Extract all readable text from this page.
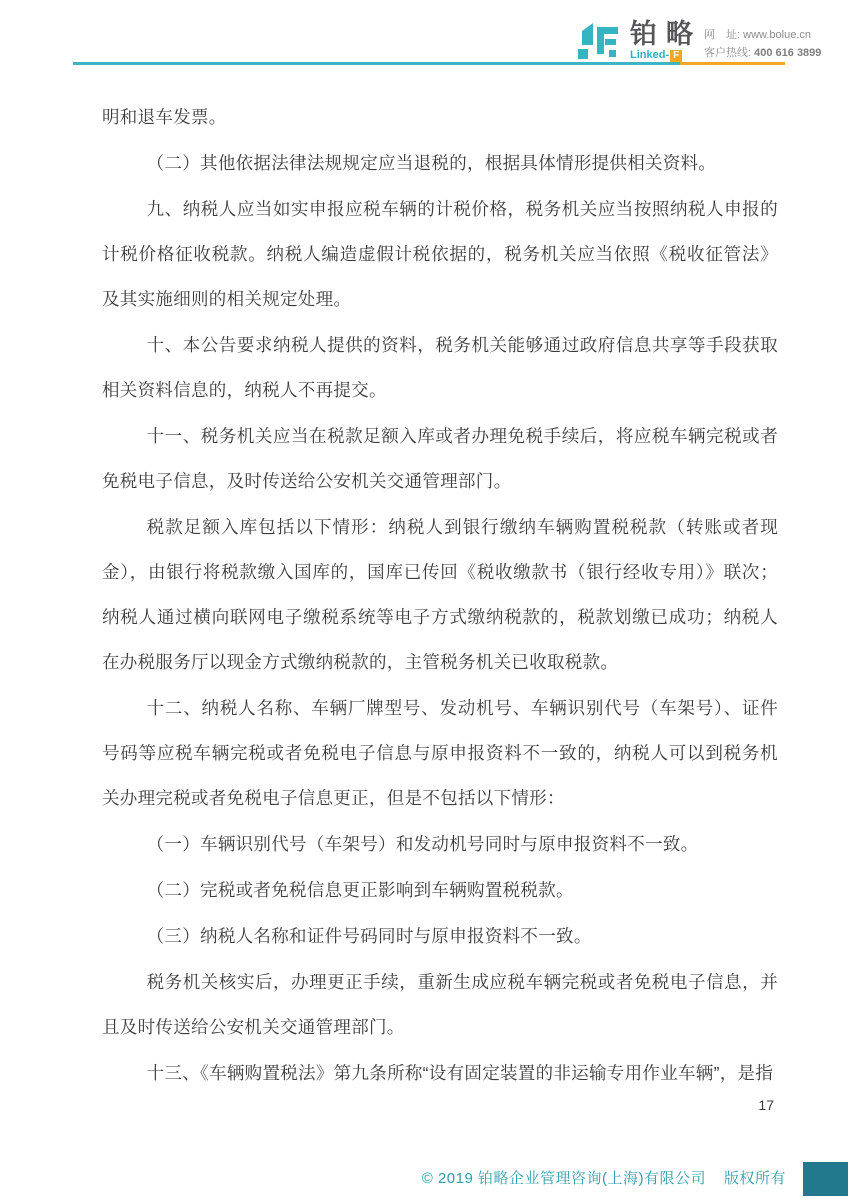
铂略
Linked- F
网　址: www.bolue.cn
客户热线: 400 616 3899

明和退车发票。

（二）其他依据法律法规规定应当退税的，根据具体情形提供相关资料。

九、纳税人应当如实申报应税车辆的计税价格，税务机关应当按照纳税人申报的计税价格征收税款。纳税人编造虚假计税依据的，税务机关应当依照《税收征管法》及其实施细则的相关规定处理。

十、本公告要求纳税人提供的资料，税务机关能够通过政府信息共享等手段获取相关资料信息的，纳税人不再提交。

十一、税务机关应当在税款足额入库或者办理免税手续后，将应税车辆完税或者免税电子信息，及时传送给公安机关交通管理部门。

税款足额入库包括以下情形：纳税人到银行缴纳车辆购置税税款（转账或者现金），由银行将税款缴入国库的，国库已传回《税收缴款书（银行经收专用）》联次；纳税人通过横向联网电子缴税系统等电子方式缴纳税款的，税款划缴已成功；纳税人在办税服务厅以现金方式缴纳税款的，主管税务机关已收取税款。

十二、纳税人名称、车辆厂牌型号、发动机号、车辆识别代号（车架号）、证件号码等应税车辆完税或者免税电子信息与原申报资料不一致的，纳税人可以到税务机关办理完税或者免税电子信息更正，但是不包括以下情形：

（一）车辆识别代号（车架号）和发动机号同时与原申报资料不一致。

（二）完税或者免税信息更正影响到车辆购置税税款。

（三）纳税人名称和证件号码同时与原申报资料不一致。

税务机关核实后，办理更正手续，重新生成应税车辆完税或者免税电子信息，并且及时传送给公安机关交通管理部门。

十三、《车辆购置税法》第九条所称“设有固定装置的非运输专用作业车辆”，是指

17
© 2019 铂略企业管理咨询(上海)有限公司 版权所有
